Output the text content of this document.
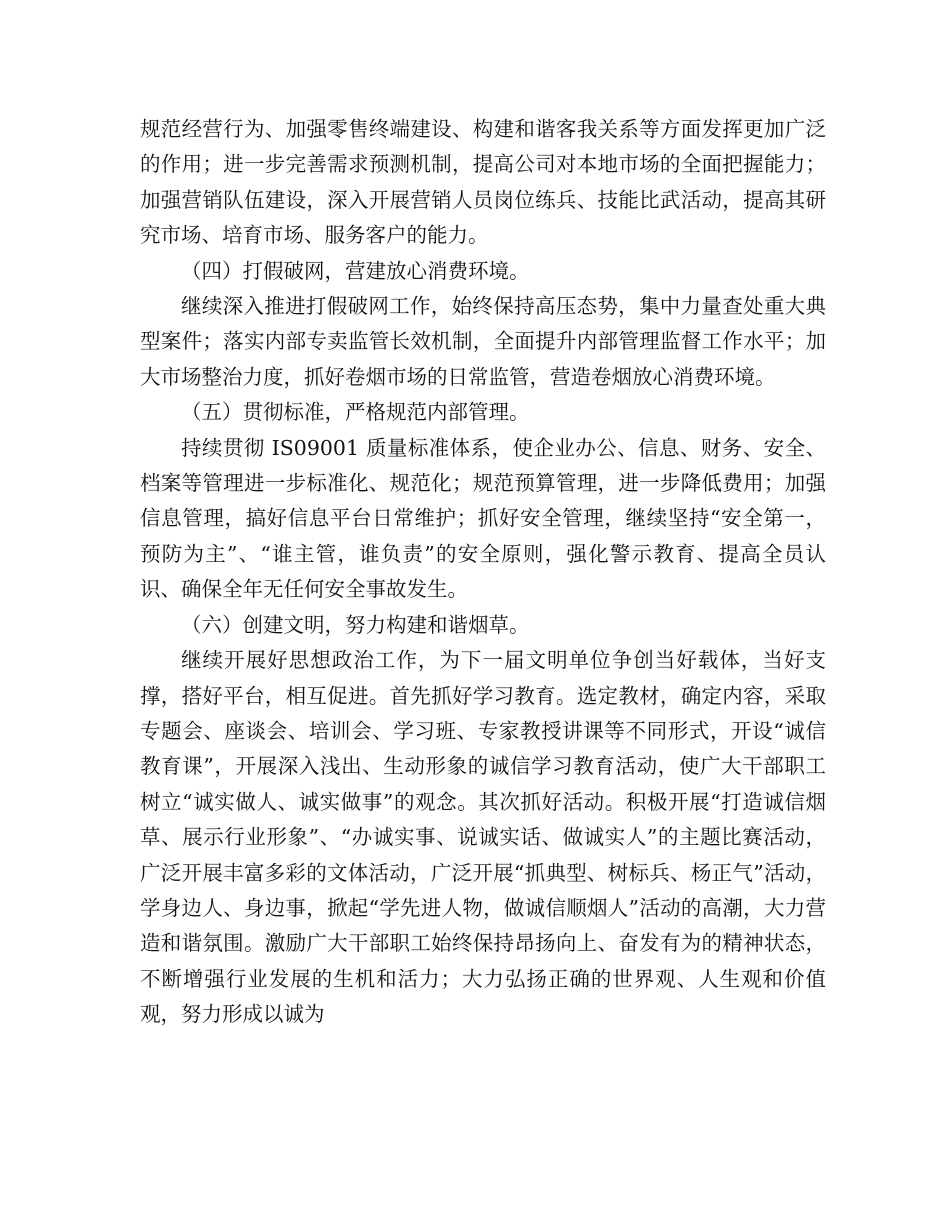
规范经营行为、加强零售终端建设、构建和谐客我关系等方面发挥更加广泛的作用；进一步完善需求预测机制，提高公司对本地市场的全面把握能力；加强营销队伍建设，深入开展营销人员岗位练兵、技能比武活动，提高其研究市场、培育市场、服务客户的能力。

（四）打假破网，营建放心消费环境。

继续深入推进打假破网工作，始终保持高压态势，集中力量查处重大典型案件；落实内部专卖监管长效机制，全面提升内部管理监督工作水平；加大市场整治力度，抓好卷烟市场的日常监管，营造卷烟放心消费环境。

（五）贯彻标准，严格规范内部管理。

持续贯彻 IS09001 质量标准体系，使企业办公、信息、财务、安全、档案等管理进一步标准化、规范化；规范预算管理，进一步降低费用；加强信息管理，搞好信息平台日常维护；抓好安全管理，继续坚持“安全第一，预防为主”、“谁主管，谁负责”的安全原则，强化警示教育、提高全员认识、确保全年无任何安全事故发生。

（六）创建文明，努力构建和谐烟草。

继续开展好思想政治工作，为下一届文明单位争创当好载体，当好支撑，搭好平台，相互促进。首先抓好学习教育。选定教材，确定内容，采取专题会、座谈会、培训会、学习班、专家教授讲课等不同形式，开设“诚信教育课”，开展深入浅出、生动形象的诚信学习教育活动，使广大干部职工树立“诚实做人、诚实做事”的观念。其次抓好活动。积极开展“打造诚信烟草、展示行业形象”、“办诚实事、说诚实话、做诚实人”的主题比赛活动，广泛开展丰富多彩的文体活动，广泛开展“抓典型、树标兵、杨正气”活动，学身边人、身边事，掀起“学先进人物，做诚信顺烟人”活动的高潮，大力营造和谐氛围。激励广大干部职工始终保持昂扬向上、奋发有为的精神状态，不断增强行业发展的生机和活力；大力弘扬正确的世界观、人生观和价值观，努力形成以诚为
